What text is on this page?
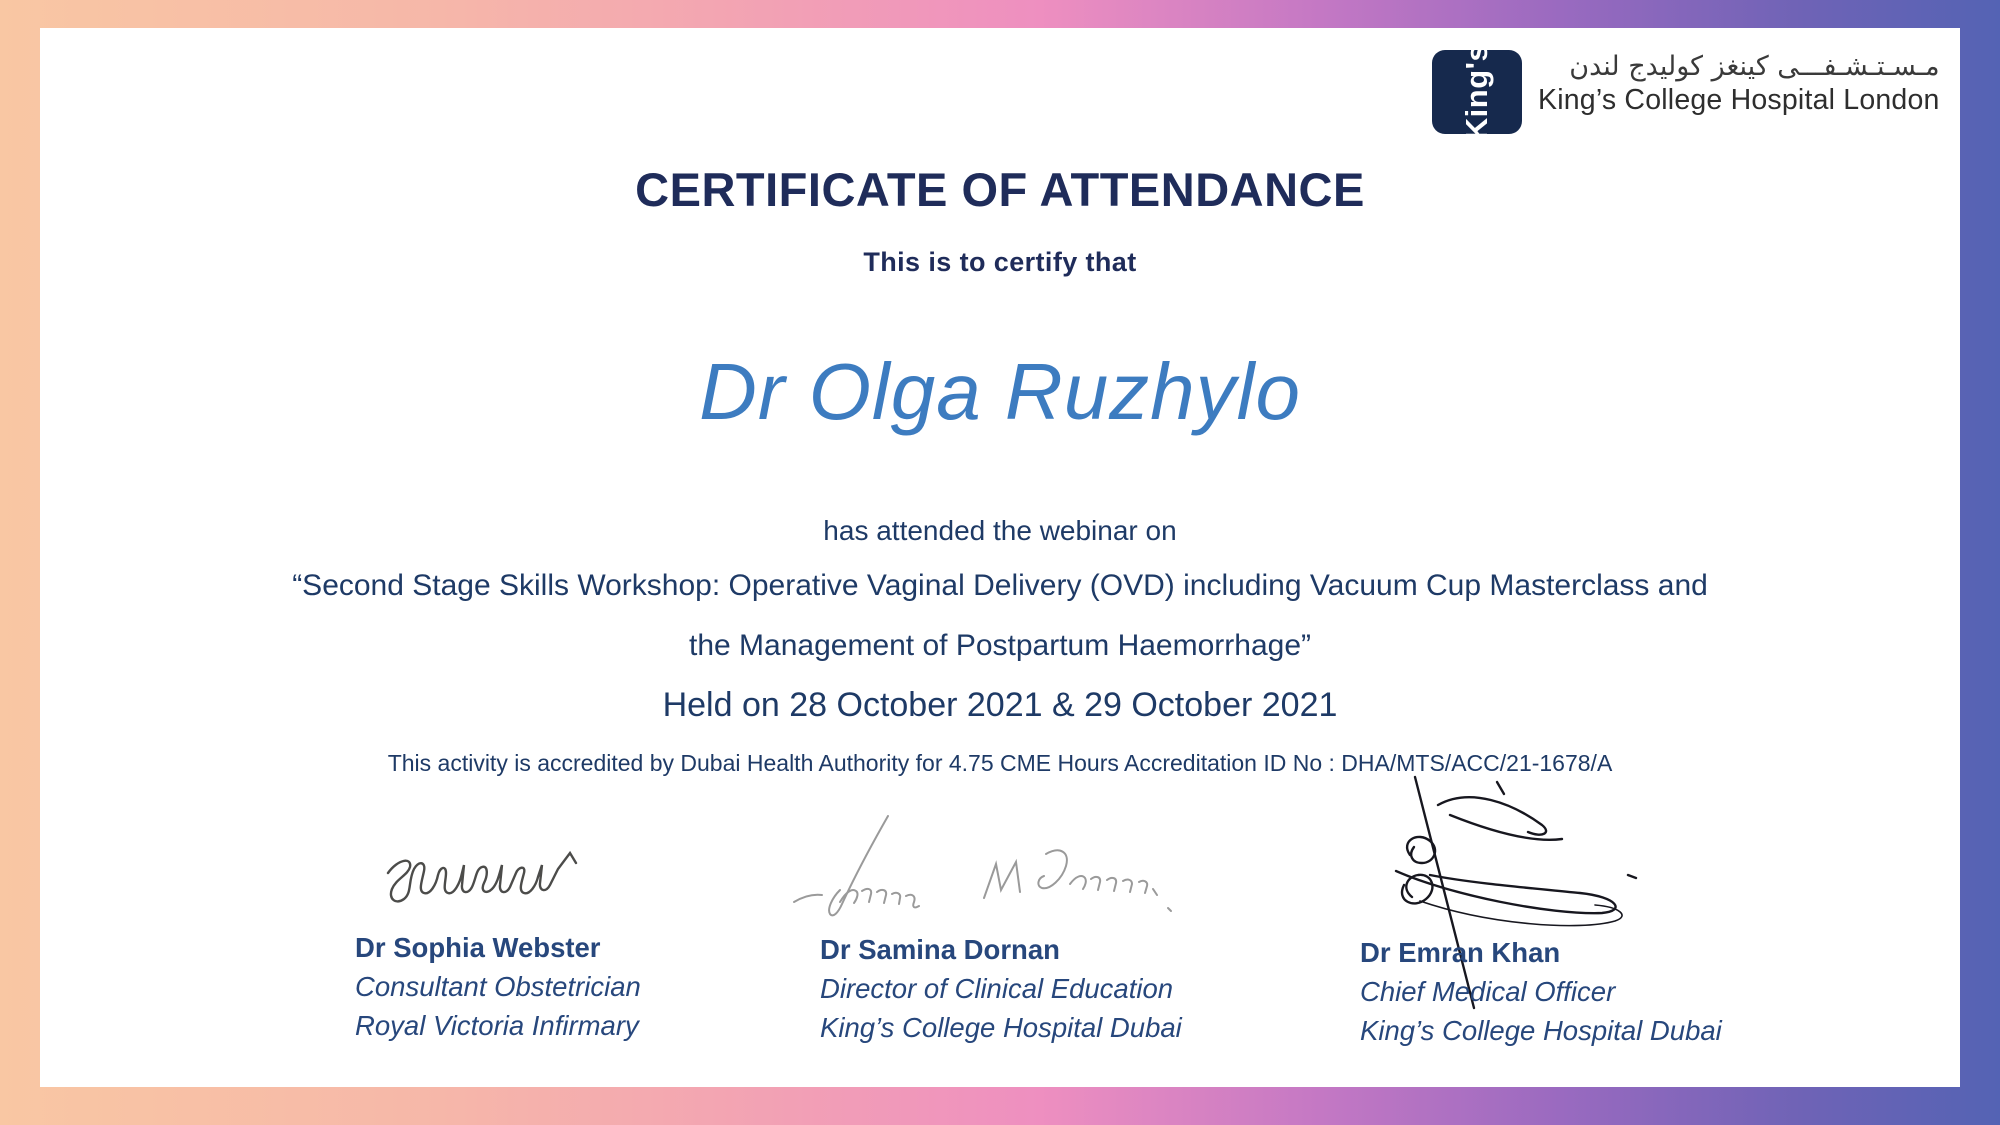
King's	مـسـتـشـفـــى كينغز كوليدج لندن
King’s College Hospital London
CERTIFICATE OF ATTENDANCE
This is to certify that
Dr Olga Ruzhylo
has attended the webinar on
“Second Stage Skills Workshop: Operative Vaginal Delivery (OVD) including Vacuum Cup Masterclass and
the Management of Postpartum Haemorrhage”
Held on 28 October 2021 & 29 October 2021
This activity is accredited by Dubai Health Authority for 4.75 CME Hours Accreditation ID No : DHA/MTS/ACC/21-1678/A
Dr Sophia Webster
Consultant Obstetrician
Royal Victoria Infirmary
Dr Samina Dornan
Director of Clinical Education
King’s College Hospital Dubai
Dr Emran Khan
Chief Medical Officer
King’s College Hospital Dubai
